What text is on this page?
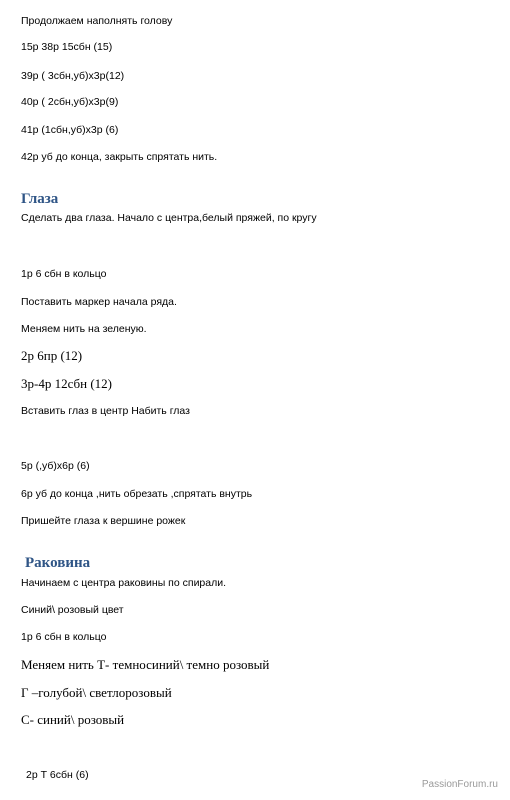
Продолжаем наполнять голову
15р 38р 15сбн (15)
39р ( 3сбн,уб)х3р(12)
40р ( 2сбн,уб)х3р(9)
41р (1сбн,уб)х3р (6)
42р уб до конца, закрыть спрятать нить.
Глаза
Сделать два глаза. Начало с центра,белый пряжей, по кругу
1р 6 сбн в кольцо
Поставить маркер начала ряда.
Меняем нить на зеленую.
2р 6пр (12)
3р-4р 12сбн (12)
Вставить глаз в центр Набить глаз
5р (,уб)х6р (6)
6р уб до конца ,нить обрезать ,спрятать внутрь
Пришейте глаза к вершине рожек
Раковина
Начинаем с центра раковины по спирали.
Синий\ розовый цвет
1р 6 сбн в кольцо
Меняем нить Т- темносиний\ темно розовый
Г –голубой\ светлорозовый
С- синий\ розовый
2р Т 6сбн (6)
PassionForum.ru
